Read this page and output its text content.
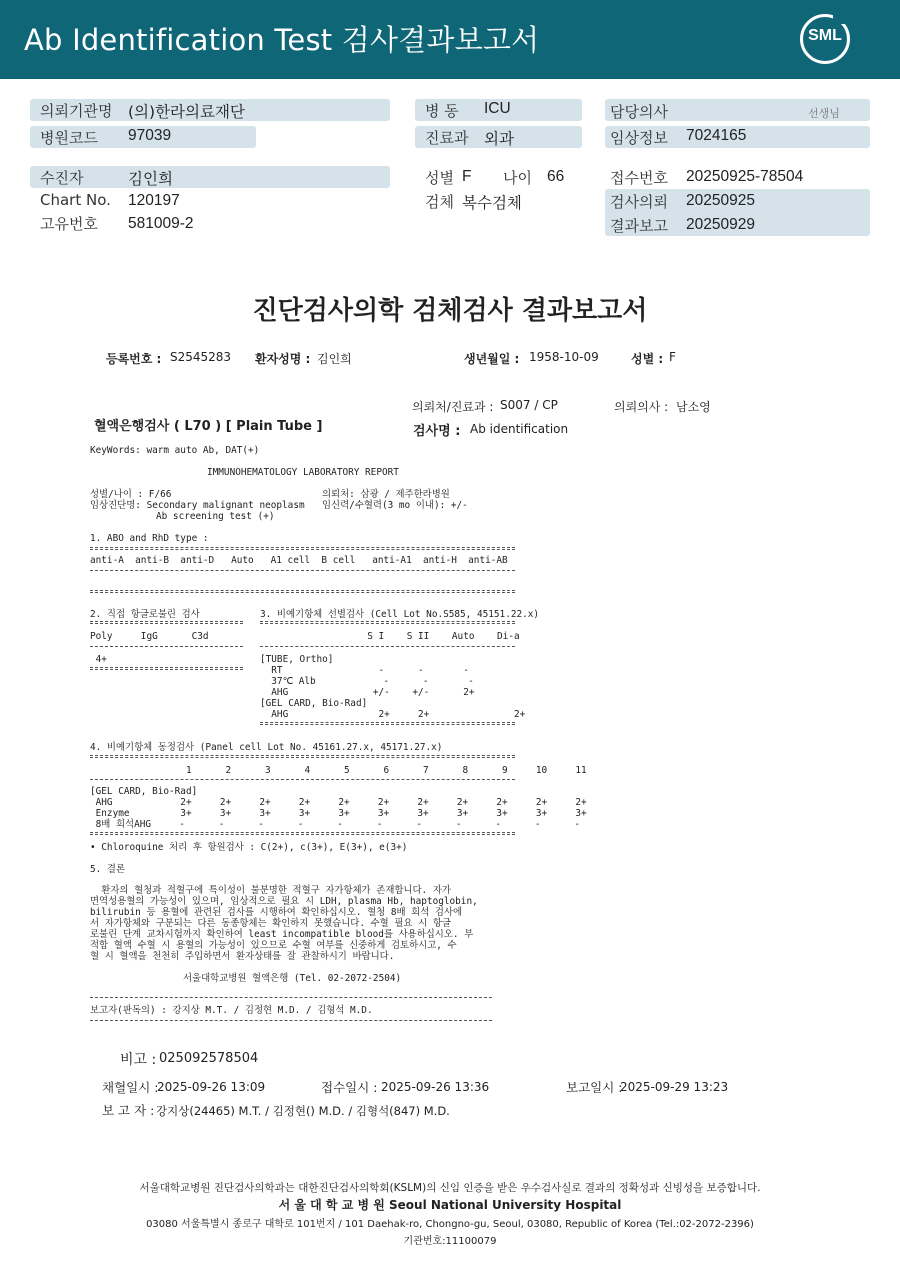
Ab Identification Test 검사결과보고서	SML
의뢰기관명 (의)한라의료재단	병 동 ICU	담당의사	선생님
병원코드 97039	진료과 외과	임상정보 7024165
수진자	김인희	성별 F 나이 66	접수번호 20250925-78504
Chart No. 120197	검체 복수검체	검사의뢰 20250925
고유번호 581009-2	결과보고 20250929
진단검사의학 검체검사 결과보고서
등록번호 : S2545283 환자성명 : 김인희	생년월일 : 1958-10-09	성별 : F
의뢰처/진료과 : S007 / CP	의뢰의사 : 남소영
혈액은행검사 ( L70 ) [ Plain Tube ]	검사명 : Ab identification
KeyWords: warm auto Ab, DAT(+)
IMMUNOHEMATOLOGY LABORATORY REPORT
성별/나이 : F/66	의뢰처: 삼광 / 제주한라병원
임상진단명: Secondary malignant neoplasm 임신력/수혈력(3 mo 이내): +/-
Ab screening test (+)
1. ABO and RhD type :
anti-A  anti-B  anti-D   Auto   A1 cell  B cell   anti-A1  anti-H  anti-AB
2. 직접 항글로불린 검사
Poly     IgG      C3d
4+
3. 비예기항체 선별검사 (Cell Lot No.S585, 45151.22.x)
S I    S II    Auto    Di-a
[TUBE, Ortho]
RT                 -      -       -
37℃ Alb            -      -       -
AHG               +/-    +/-      2+
[GEL CARD, Bio-Rad]
AHG                2+     2+               2+
4. 비예기항체 동정검사 (Panel cell Lot No. 45161.27.x, 45171.27.x)
1      2      3      4      5      6      7      8      9     10     11
[GEL CARD, Bio-Rad]
AHG            2+     2+     2+     2+     2+     2+     2+     2+     2+     2+     2+
Enzyme         3+     3+     3+     3+     3+     3+     3+     3+     3+     3+     3+
8배 희석AHG     -      -      -      -      -      -      -      -      -      -      -
• Chloroquine 처리 후 항원검사 : C(2+), c(3+), E(3+), e(3+)
5. 결론
환자의 혈청과 적혈구에 특이성이 불분명한 적혈구 자가항체가 존재합니다. 자가
면역성용혈의 가능성이 있으며, 임상적으로 필요 시 LDH, plasma Hb, haptoglobin,
bilirubin 등 용혈에 관련된 검사를 시행하여 확인하십시오. 혈청 8배 희석 검사에
서 자가항체와 구분되는 다른 동종항체는 확인하지 못했습니다. 수혈 필요 시 항글
로불린 단계 교차시험까지 확인하여 least incompatible blood를 사용하십시오. 부
적합 혈액 수혈 시 용혈의 가능성이 있으므로 수혈 여부를 신중하게 검토하시고, 수
혈 시 혈액을 천천히 주입하면서 환자상태를 잘 관찰하시기 바랍니다.
서울대학교병원 혈액은행 (Tel. 02-2072-2504)
보고자(판독의) : 강지상 M.T. / 김정현 M.D. / 김형석 M.D.
비고 : 025092578504
채혈일시 :
2025-09-26 13:09	접수일시 : 2025-09-26 13:36	보고일시 :
2025-09-29 13:23
보 고 자 : 강지상(24465) M.T. / 김정현() M.D. / 김형석(847) M.D.
서울대학교병원 진단검사의학과는 대한진단검사의학회(KSLM)의 신임 인증을 받은 우수검사실로 결과의 정확성과 신빙성을 보증합니다.
서 울 대 학 교 병 원 Seoul National University Hospital
03080 서울특별시 종로구 대학로 101번지 / 101 Daehak-ro, Chongno-gu, Seoul, 03080, Republic of Korea (Tel.:02-2072-2396)
기관번호:11100079
